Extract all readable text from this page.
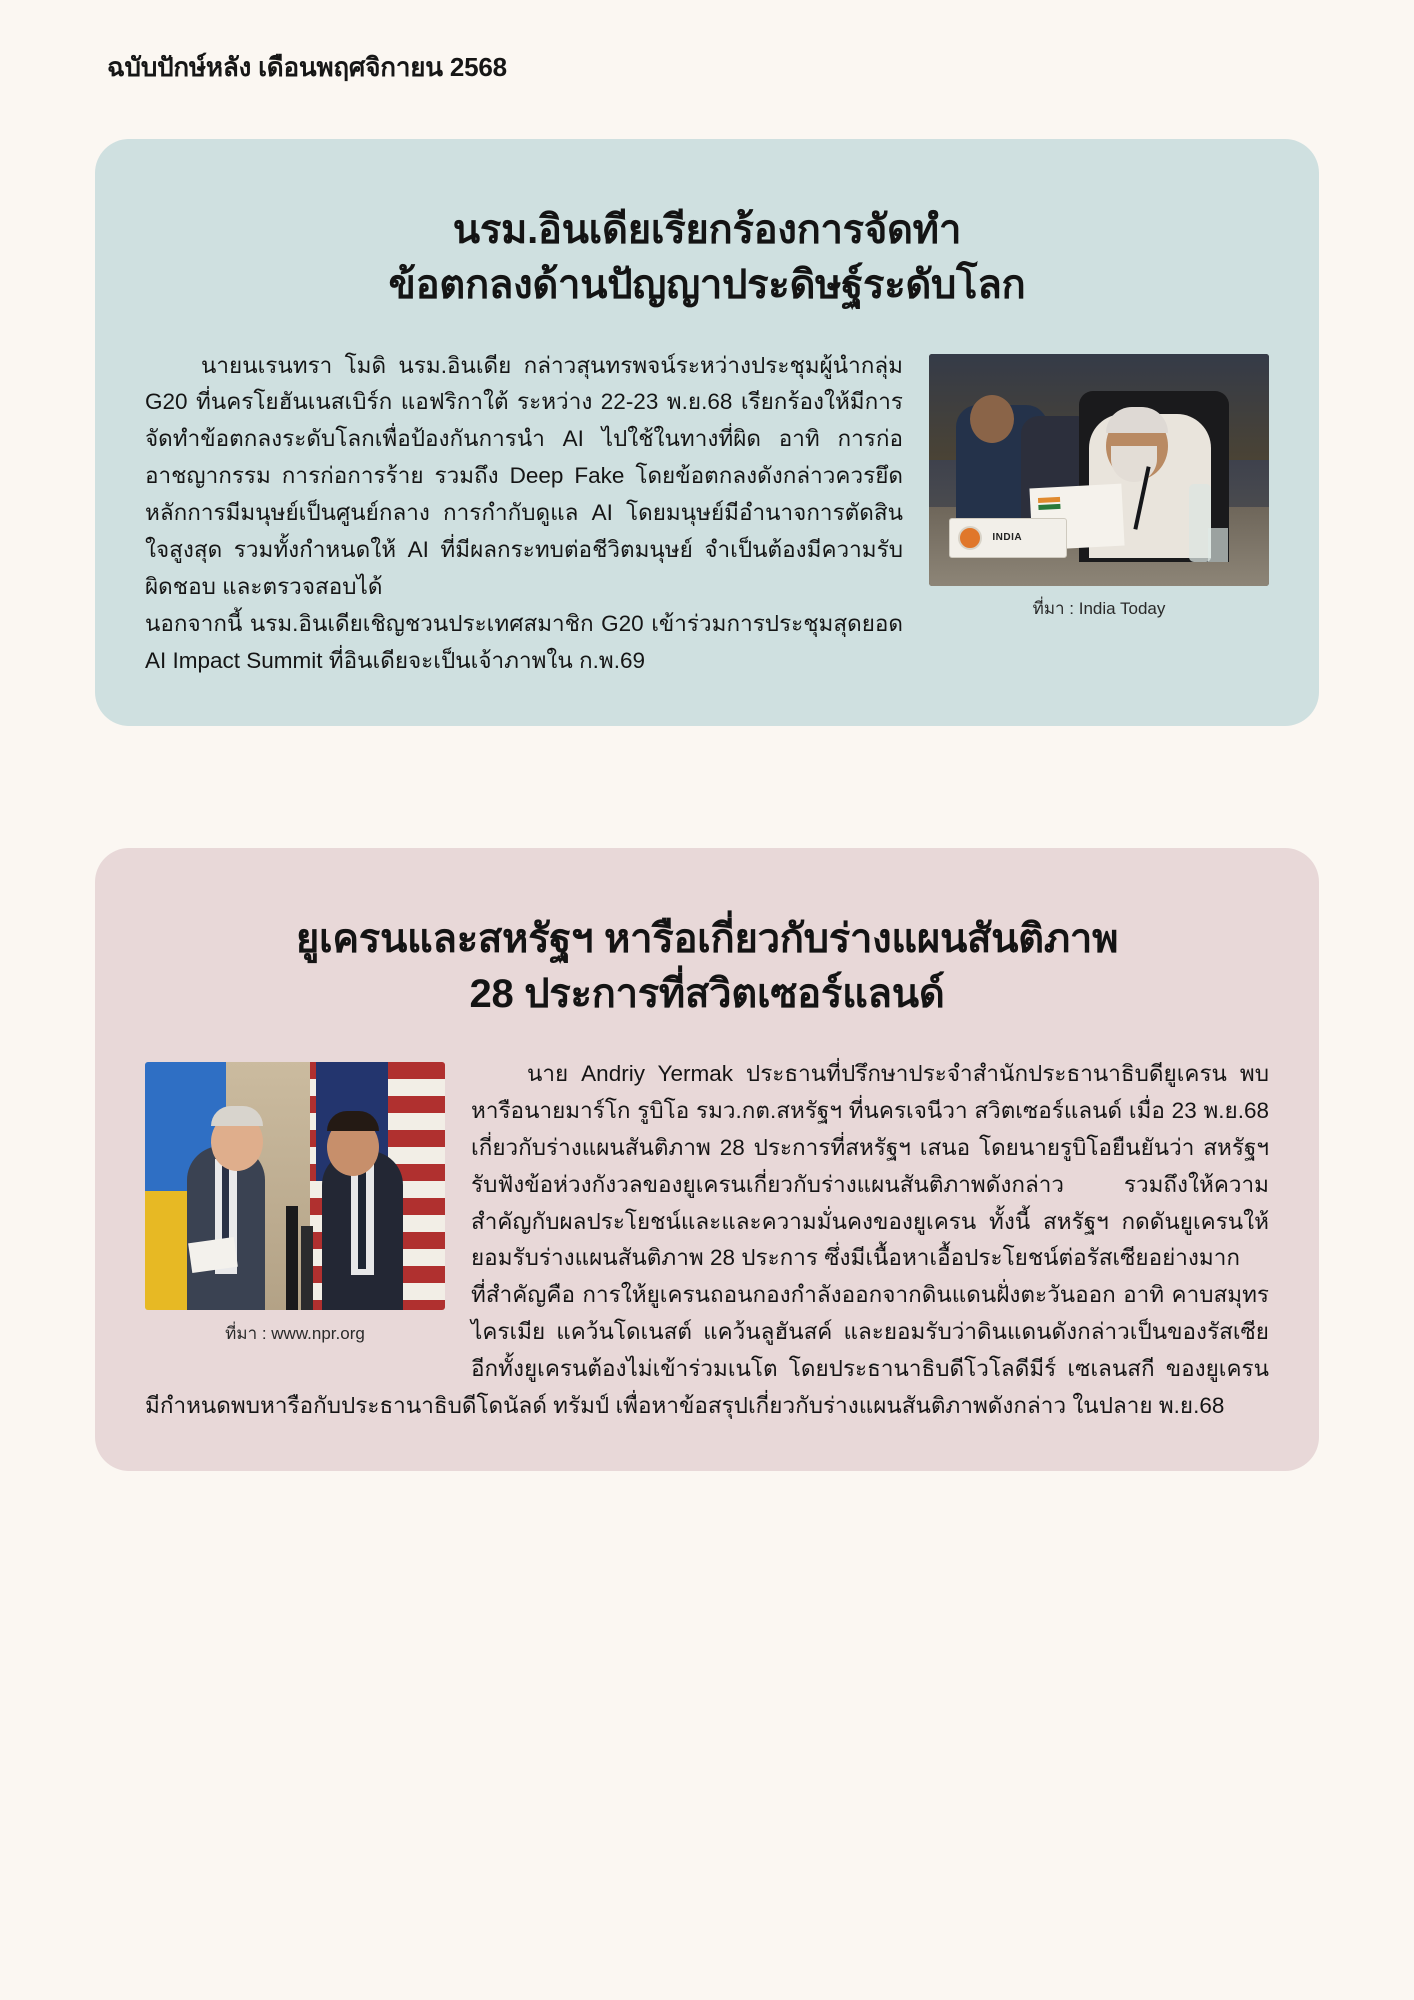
ฉบับปักษ์หลัง เดือนพฤศจิกายน 2568
นรม.อินเดียเรียกร้องการจัดทำ
ข้อตกลงด้านปัญญาประดิษฐ์ระดับโลก
INDIA
ที่มา : India Today

นายนเรนทรา โมดิ นรม.อินเดีย กล่าวสุนทรพจน์ระหว่างประชุมผู้นำกลุ่ม G20 ที่นครโยฮันเนสเบิร์ก แอฟริกาใต้ ระหว่าง 22-23 พ.ย.68 เรียกร้องให้มีการจัดทำข้อตกลงระดับโลกเพื่อป้องกันการนำ AI ไปใช้ในทางที่ผิด อาทิ การก่ออาชญากรรม การก่อการร้าย รวมถึง Deep Fake โดยข้อตกลงดังกล่าวควรยึดหลักการมีมนุษย์เป็นศูนย์กลาง การกำกับดูแล AI โดยมนุษย์มีอำนาจการตัดสินใจสูงสุด รวมทั้งกำหนดให้ AI ที่มีผลกระทบต่อชีวิตมนุษย์ จำเป็นต้องมีความรับผิดชอบ และตรวจสอบได้

นอกจากนี้ นรม.อินเดียเชิญชวนประเทศสมาชิก G20 เข้าร่วมการประชุมสุดยอด AI Impact Summit ที่อินเดียจะเป็นเจ้าภาพใน ก.พ.69

ยูเครนและสหรัฐฯ หารือเกี่ยวกับร่างแผนสันติภาพ
28 ประการที่สวิตเซอร์แลนด์
ที่มา : www.npr.org

นาย Andriy Yermak ประธานที่ปรึกษาประจำสำนักประธานาธิบดียูเครน พบหารือนายมาร์โก รูบิโอ รมว.กต.สหรัฐฯ ที่นครเจนีวา สวิตเซอร์แลนด์ เมื่อ 23 พ.ย.68 เกี่ยวกับร่างแผนสันติภาพ 28 ประการที่สหรัฐฯ เสนอ โดยนายรูบิโอยืนยันว่า สหรัฐฯ รับฟังข้อห่วงกังวลของยูเครนเกี่ยวกับร่างแผนสันติภาพดังกล่าว รวมถึงให้ความสำคัญกับผลประโยชน์และและความมั่นคงของยูเครน ทั้งนี้ สหรัฐฯ กดดันยูเครนให้ยอมรับร่างแผนสันติภาพ 28 ประการ ซึ่งมีเนื้อหาเอื้อประโยชน์ต่อรัสเซียอย่างมาก

ที่สำคัญคือ การให้ยูเครนถอนกองกำลังออกจากดินแดนฝั่งตะวันออก อาทิ คาบสมุทรไครเมีย แคว้นโดเนสต์ แคว้นลูฮันสค์ และยอมรับว่าดินแดนดังกล่าวเป็นของรัสเซีย อีกทั้งยูเครนต้องไม่เข้าร่วมเนโต โดยประธานาธิบดีโวโลดีมีร์ เซเลนสกี ของยูเครน มีกำหนดพบหารือกับประธานาธิบดีโดนัลด์ ทรัมป์ เพื่อหาข้อสรุปเกี่ยวกับร่างแผนสันติภาพดังกล่าว ในปลาย พ.ย.68
